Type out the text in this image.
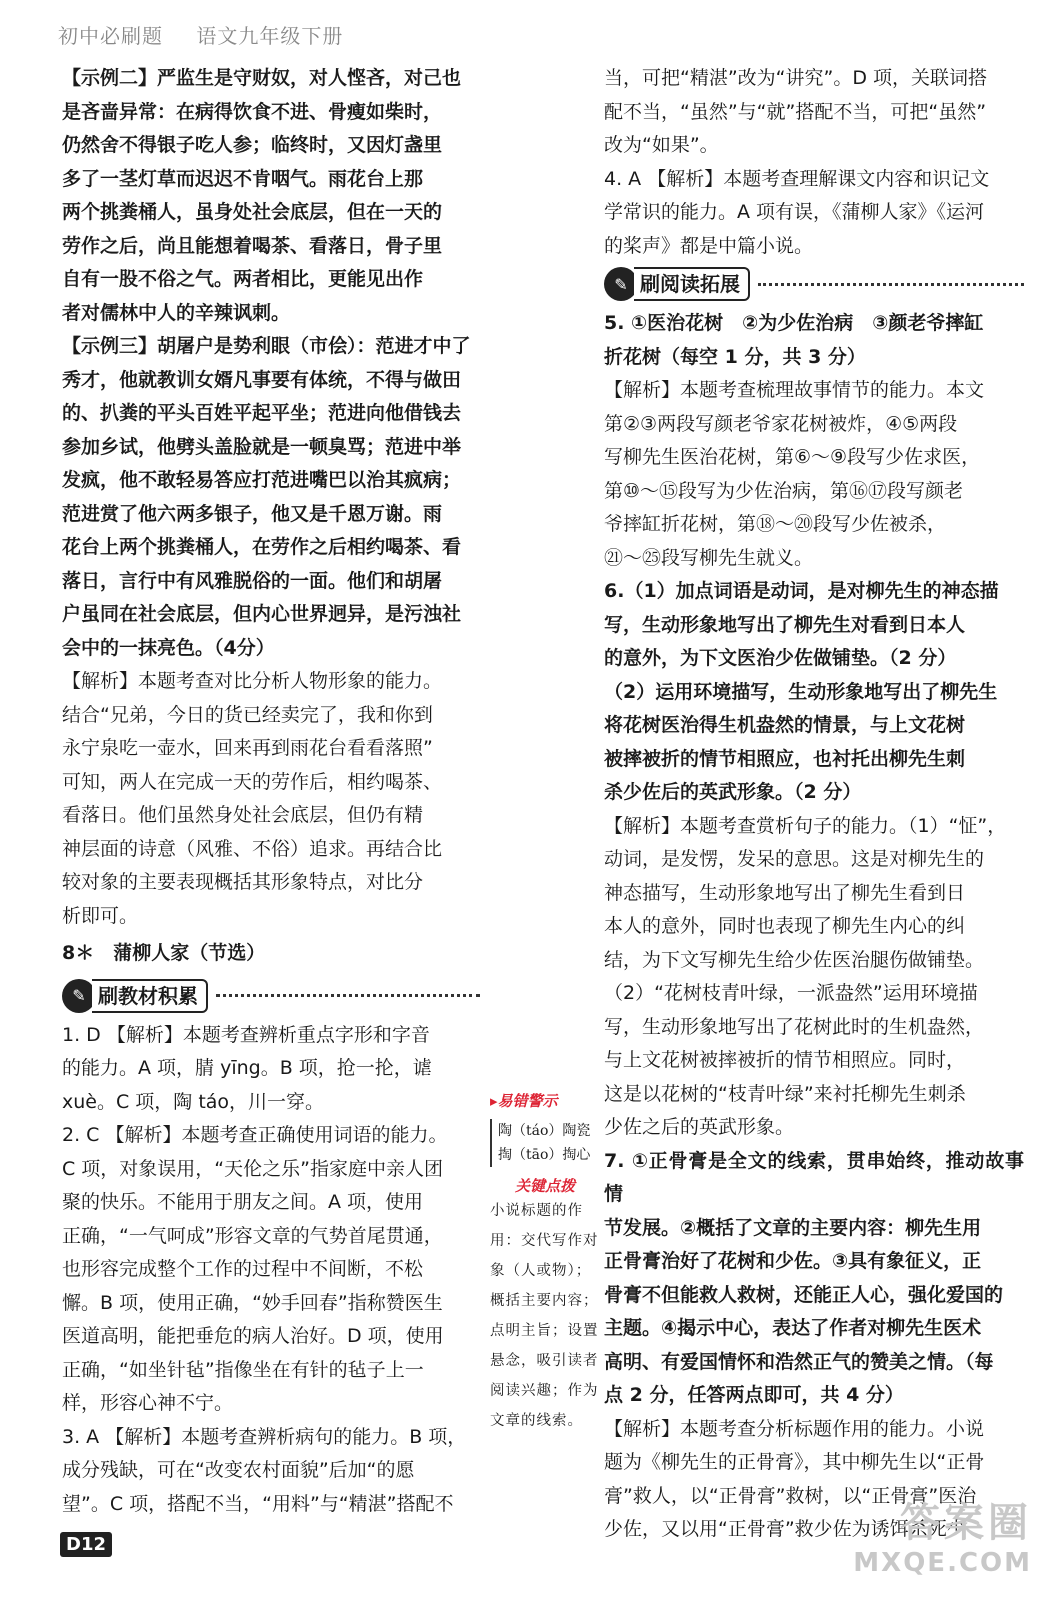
初中必刷题 语文九年级下册

【示例二】严监生是守财奴，对人悭吝，对己也

是吝啬异常：在病得饮食不进、骨瘦如柴时，

仍然舍不得银子吃人参；临终时，又因灯盏里

多了一茎灯草而迟迟不肯咽气。雨花台上那

两个挑粪桶人，虽身处社会底层，但在一天的

劳作之后，尚且能想着喝茶、看落日，骨子里

自有一股不俗之气。两者相比，更能见出作

者对儒林中人的辛辣讽刺。

【示例三】胡屠户是势利眼（市侩）：范进才中了

秀才，他就教训女婿凡事要有体统，不得与做田

的、扒粪的平头百姓平起平坐；范进向他借钱去

参加乡试，他劈头盖脸就是一顿臭骂；范进中举

发疯，他不敢轻易答应打范进嘴巴以治其疯病；

范进赏了他六两多银子，他又是千恩万谢。雨

花台上两个挑粪桶人，在劳作之后相约喝茶、看

落日，言行中有风雅脱俗的一面。他们和胡屠

户虽同在社会底层，但内心世界迥异，是污浊社

会中的一抹亮色。（4分）

【解析】本题考查对比分析人物形象的能力。

结合“兄弟，今日的货已经卖完了，我和你到

永宁泉吃一壶水，回来再到雨花台看看落照”

可知，两人在完成一天的劳作后，相约喝茶、

看落日。他们虽然身处社会底层，但仍有精

神层面的诗意（风雅、不俗）追求。再结合比

较对象的主要表现概括其形象特点，对比分

析即可。

8＊　蒲柳人家（节选）

✎ 刷教材积累

1. D 【解析】本题考查辨析重点字形和字音

的能力。A 项，腈 yīng。B 项，抢一抡，谑

xuè。C 项，陶 táo，川一穿。

2. C 【解析】本题考查正确使用词语的能力。

C 项，对象误用，“天伦之乐”指家庭中亲人团

聚的快乐。不能用于朋友之间。A 项，使用

正确，“一气呵成”形容文章的气势首尾贯通，

也形容完成整个工作的过程中不间断，不松

懈。B 项，使用正确，“妙手回春”指称赞医生

医道高明，能把垂危的病人治好。D 项，使用

正确，“如坐针毡”指像坐在有针的毡子上一

样，形容心神不宁。

3. A 【解析】本题考查辨析病句的能力。B 项，

成分残缺，可在“改变农村面貌”后加“的愿

望”。C 项，搭配不当，“用料”与“精湛”搭配不

当，可把“精湛”改为“讲究”。D 项，关联词搭

配不当，“虽然”与“就”搭配不当，可把“虽然”

改为“如果”。

4. A 【解析】本题考查理解课文内容和识记文

学常识的能力。A 项有误，《蒲柳人家》《运河

的桨声》都是中篇小说。

✎ 刷阅读拓展

5. ①医治花树　②为少佐治病　③颜老爷摔缸

折花树（每空 1 分，共 3 分）

【解析】本题考查梳理故事情节的能力。本文

第②③两段写颜老爷家花树被炸，④⑤两段

写柳先生医治花树，第⑥～⑨段写少佐求医，

第⑩～⑮段写为少佐治病，第⑯⑰段写颜老

爷摔缸折花树，第⑱～⑳段写少佐被杀，

㉑～㉕段写柳先生就义。

6.（1）加点词语是动词，是对柳先生的神态描

写，生动形象地写出了柳先生对看到日本人

的意外，为下文医治少佐做铺垫。（2 分）

（2）运用环境描写，生动形象地写出了柳先生

将花树医治得生机盎然的情景，与上文花树

被摔被折的情节相照应，也衬托出柳先生刺

杀少佐后的英武形象。（2 分）

【解析】本题考查赏析句子的能力。（1）“怔”，

动词，是发愣，发呆的意思。这是对柳先生的

神态描写，生动形象地写出了柳先生看到日

本人的意外，同时也表现了柳先生内心的纠

结，为下文写柳先生给少佐医治腿伤做铺垫。

（2）“花树枝青叶绿，一派盎然”运用环境描

写，生动形象地写出了花树此时的生机盎然，

与上文花树被摔被折的情节相照应。同时，

这是以花树的“枝青叶绿”来衬托柳先生刺杀

少佐之后的英武形象。

7. ①正骨膏是全文的线索，贯串始终，推动故事情

节发展。②概括了文章的主要内容：柳先生用

正骨膏治好了花树和少佐。③具有象征义，正

骨膏不但能救人救树，还能正人心，强化爱国的

主题。④揭示中心，表达了作者对柳先生医术

高明、有爱国情怀和浩然正气的赞美之情。（每

点 2 分，任答两点即可，共 4 分）

【解析】本题考查分析标题作用的能力。小说

题为《柳先生的正骨膏》，其中柳先生以“正骨

膏”救人，以“正骨膏”救树，以“正骨膏”医治

少佐，又以用“正骨膏”救少佐为诱饵杀死少

▸易错警示
陶（táo）陶瓷
掏（tāo）掏心
关键点拨
小说标题的作用：交代写作对象（人或物）；概括主要内容；点明主旨；设置悬念，吸引读者阅读兴趣；作为文章的线索。
D12	答案圈
MXQE.COM
